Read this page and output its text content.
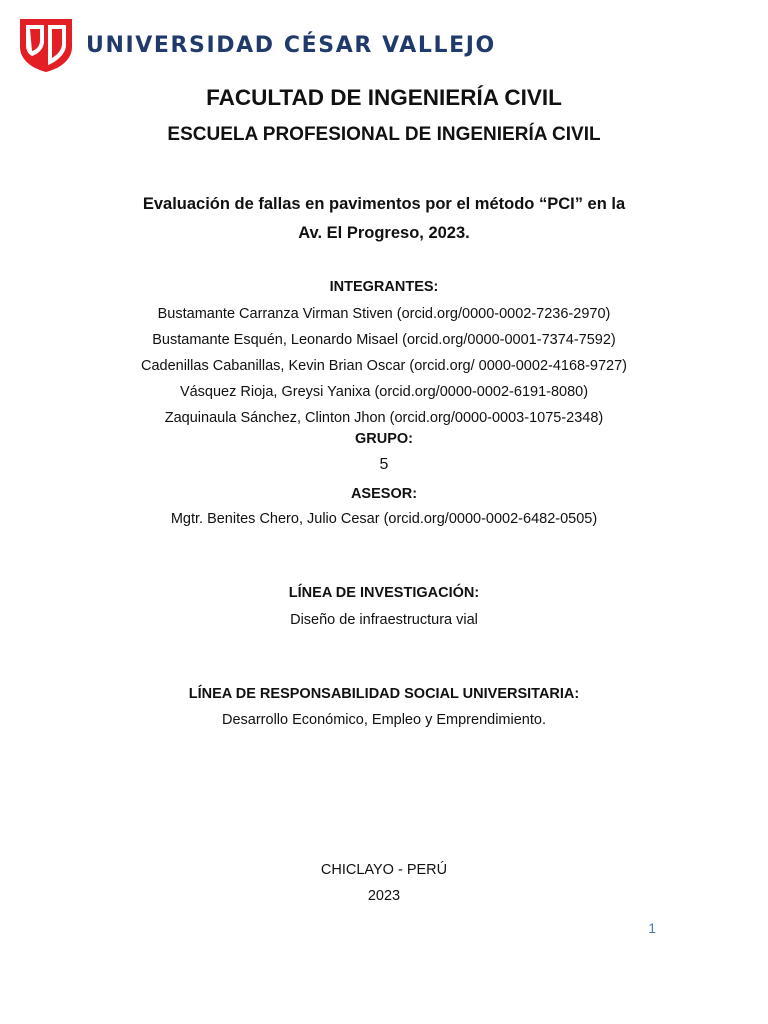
UNIVERSIDAD CÉSAR VALLEJO
FACULTAD DE INGENIERÍA CIVIL
ESCUELA PROFESIONAL DE INGENIERÍA CIVIL
Evaluación de fallas en pavimentos por el método “PCI” en la
Av. El Progreso, 2023.
INTEGRANTES:
Bustamante Carranza Virman Stiven (orcid.org/0000-0002-7236-2970)
Bustamante Esquén, Leonardo Misael (orcid.org/0000-0001-7374-7592)
Cadenillas Cabanillas, Kevin Brian Oscar (orcid.org/ 0000-0002-4168-9727)
Vásquez Rioja, Greysi Yanixa (orcid.org/0000-0002-6191-8080)
Zaquinaula Sánchez, Clinton Jhon (orcid.org/0000-0003-1075-2348)
GRUPO:
5
ASESOR:
Mgtr. Benites Chero, Julio Cesar (orcid.org/0000-0002-6482-0505)
LÍNEA DE INVESTIGACIÓN:
Diseño de infraestructura vial
LÍNEA DE RESPONSABILIDAD SOCIAL UNIVERSITARIA:
Desarrollo Económico, Empleo y Emprendimiento.
CHICLAYO - PERÚ
2023
1
